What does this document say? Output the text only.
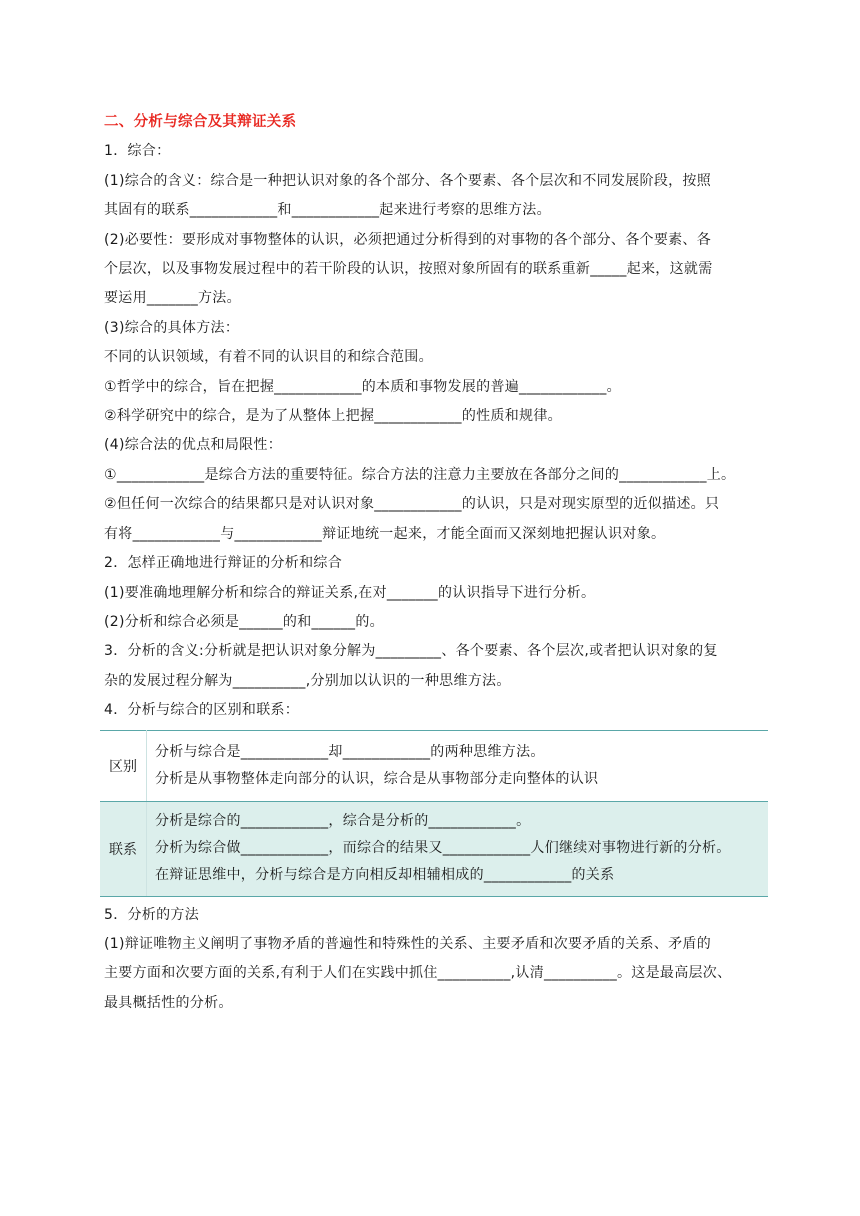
二、分析与综合及其辩证关系
1．综合：
(1)综合的含义：综合是一种把认识对象的各个部分、各个要素、各个层次和不同发展阶段，按照
其固有的联系____________和____________起来进行考察的思维方法。
(2)必要性：要形成对事物整体的认识，必须把通过分析得到的对事物的各个部分、各个要素、各
个层次，以及事物发展过程中的若干阶段的认识，按照对象所固有的联系重新_____起来，这就需
要运用_______方法。
(3)综合的具体方法：
不同的认识领域，有着不同的认识目的和综合范围。
①哲学中的综合，旨在把握____________的本质和事物发展的普遍____________。
②科学研究中的综合，是为了从整体上把握____________的性质和规律。
(4)综合法的优点和局限性：
①____________是综合方法的重要特征。综合方法的注意力主要放在各部分之间的____________上。
②但任何一次综合的结果都只是对认识对象____________的认识，只是对现实原型的近似描述。只
有将____________与____________辩证地统一起来，才能全面而又深刻地把握认识对象。
2．怎样正确地进行辩证的分析和综合
(1)要准确地理解分析和综合的辩证关系,在对_______的认识指导下进行分析。
(2)分析和综合必须是______的和______的。
3．分析的含义:分析就是把认识对象分解为_________、各个要素、各个层次,或者把认识对象的复
杂的发展过程分解为__________,分别加以认识的一种思维方法。
4．分析与综合的区别和联系：
区别	分析与综合是____________却____________的两种思维方法。
分析是从事物整体走向部分的认识，综合是从事物部分走向整体的认识

联系	分析是综合的____________，综合是分析的____________。
分析为综合做____________，而综合的结果又____________人们继续对事物进行新的分析。
在辩证思维中，分析与综合是方向相反却相辅相成的____________的关系
5．分析的方法
(1)辩证唯物主义阐明了事物矛盾的普遍性和特殊性的关系、主要矛盾和次要矛盾的关系、矛盾的
主要方面和次要方面的关系,有利于人们在实践中抓住__________,认清__________。这是最高层次、
最具概括性的分析。
